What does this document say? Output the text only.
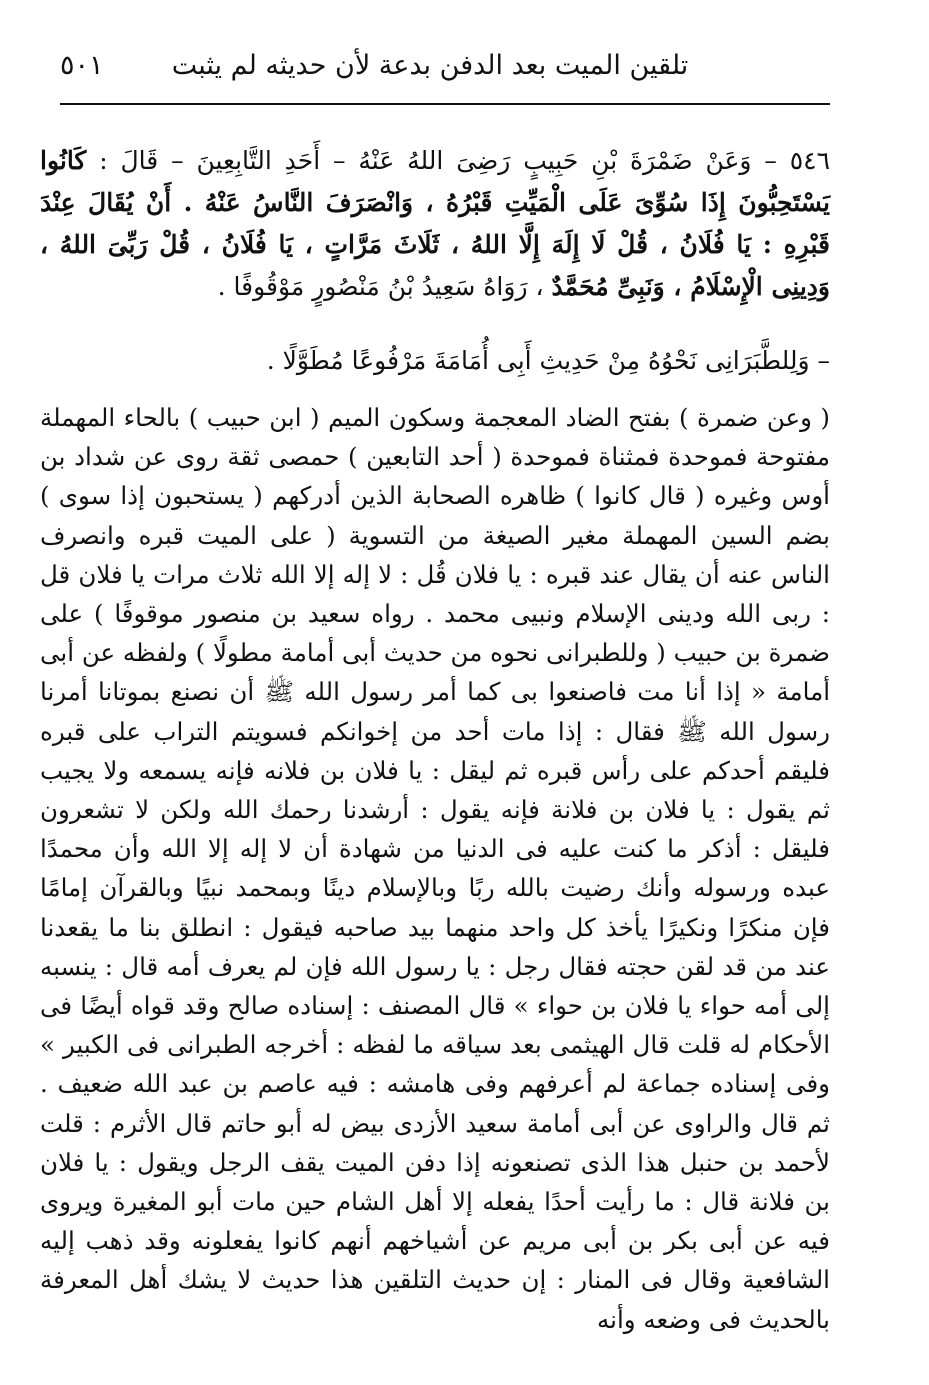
تلقين الميت بعد الدفن بدعة لأن حديثه لم يثبت
٥٠١

٥٤٦ – وَعَنْ ضَمْرَةَ بْنِ حَبِيبٍ رَضِىَ اللهُ عَنْهُ – أَحَدِ التَّابِعِينَ – قَالَ : كَانُوا يَسْتَحِبُّونَ إِذَا سُوِّىَ عَلَى الْمَيِّتِ قَبْرُهُ ، وَانْصَرَفَ النَّاسُ عَنْهُ . أَنْ يُقَالَ عِنْدَ قَبْرِهِ : يَا فُلَانُ ، قُلْ لَا إِلَهَ إِلَّا اللهُ ، ثَلَاثَ مَرَّاتٍ ، يَا فُلَانُ ، قُلْ رَبِّىَ اللهُ ، وَدِينِى الْإِسْلَامُ ، وَنَبِىِّ مُحَمَّدٌ ، رَوَاهُ سَعِيدُ بْنُ مَنْصُورٍ مَوْقُوفًا .

– وَلِلطَّبَرَانِى نَحْوُهُ مِنْ حَدِيثِ أَبِى أُمَامَةَ مَرْفُوعًا مُطَوَّلًا .

( وعن ضمرة ) بفتح الضاد المعجمة وسكون الميم ( ابن حبيب ) بالحاء المهملة مفتوحة فموحدة فمثناة فموحدة ( أحد التابعين ) حمصى ثقة روى عن شداد بن أوس وغيره ( قال كانوا ) ظاهره الصحابة الذين أدركهم ( يستحبون إذا سوى ) بضم السين المهملة مغير الصيغة من التسوية ( على الميت قبره وانصرف الناس عنه أن يقال عند قبره : يا فلان قُل : لا إله إلا الله ثلاث مرات يا فلان قل : ربى الله ودينى الإسلام ونبيى محمد . رواه سعيد بن منصور موقوفًا ) على ضمرة بن حبيب ( وللطبرانى نحوه من حديث أبى أمامة مطولًا ) ولفظه عن أبى أمامة « إذا أنا مت فاصنعوا بى كما أمر رسول الله ﷺ أن نصنع بموتانا أمرنا رسول الله ﷺ فقال : إذا مات أحد من إخوانكم فسويتم التراب على قبره فليقم أحدكم على رأس قبره ثم ليقل : يا فلان بن فلانه فإنه يسمعه ولا يجيب ثم يقول : يا فلان بن فلانة فإنه يقول : أرشدنا رحمك الله ولكن لا تشعرون فليقل : أذكر ما كنت عليه فى الدنيا من شهادة أن لا إله إلا الله وأن محمدًا عبده ورسوله وأنك رضيت بالله ربًا وبالإسلام دينًا وبمحمد نبيًا وبالقرآن إمامًا فإن منكرًا ونكيرًا يأخذ كل واحد منهما بيد صاحبه فيقول : انطلق بنا ما يقعدنا عند من قد لقن حجته فقال رجل : يا رسول الله فإن لم يعرف أمه قال : ينسبه إلى أمه حواء يا فلان بن حواء » قال المصنف : إسناده صالح وقد قواه أيضًا فى الأحكام له قلت قال الهيثمى بعد سياقه ما لفظه : أخرجه الطبرانى فى الكبير » وفى إسناده جماعة لم أعرفهم وفى هامشه : فيه عاصم بن عبد الله ضعيف . ثم قال والراوى عن أبى أمامة سعيد الأزدى بيض له أبو حاتم قال الأثرم : قلت لأحمد بن حنبل هذا الذى تصنعونه إذا دفن الميت يقف الرجل ويقول : يا فلان بن فلانة قال : ما رأيت أحدًا يفعله إلا أهل الشام حين مات أبو المغيرة ويروى فيه عن أبى بكر بن أبى مريم عن أشياخهم أنهم كانوا يفعلونه وقد ذهب إليه الشافعية وقال فى المنار : إن حديث التلقين هذا حديث لا يشك أهل المعرفة بالحديث فى وضعه وأنه
